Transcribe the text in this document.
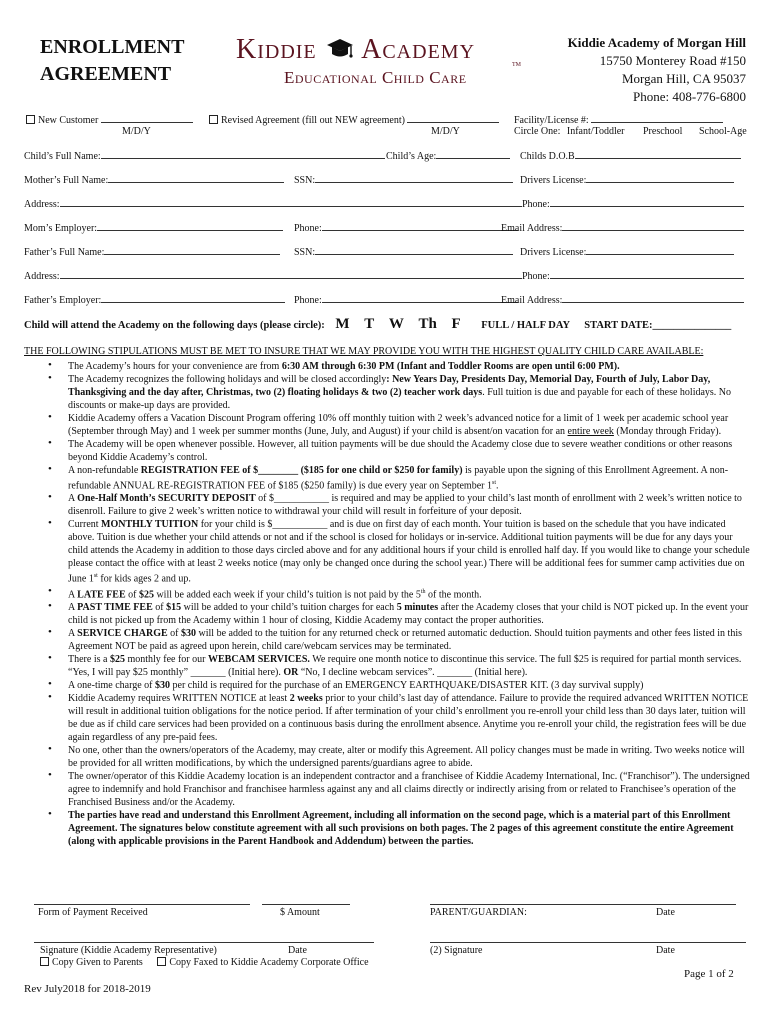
ENROLLMENT
AGREEMENT
Kiddie Academy
Educational Child Care
TM
Kiddie Academy of Morgan Hill
15750 Monterey Road #150
Morgan Hill, CA 95037
Phone: 408-776-6800
New Customer
M/D/Y
Revised Agreement (fill out NEW agreement)
M/D/Y
Facility/License #:
Circle One: Infant/Toddler Preschool School-Age
Child’s Full Name:	Child’s Age:	Childs D.O.B
Mother’s Full Name:	SSN:	Drivers License:
Address:	Phone:
Mom’s Employer:	Phone:	Email Address:
Father’s Full Name:	SSN:	Drivers License:
Address:	Phone:
Father’s Employer:	Phone:	Email Address:
Child will attend the Academy on the following days (please circle): M T W Th F FULL / HALF DAY START DATE:_______________
THE FOLLOWING STIPULATIONS MUST BE MET TO INSURE THAT WE MAY PROVIDE YOU WITH THE HIGHEST QUALITY CHILD CARE AVAILABLE:
• The Academy’s hours for your convenience are from 6:30 AM through 6:30 PM (Infant and Toddler Rooms are open until 6:00 PM).
• The Academy recognizes the following holidays and will be closed accordingly: New Years Day, Presidents Day, Memorial Day, Fourth of July, Labor Day, Thanksgiving and the day after, Christmas, two (2) floating holidays & two (2) teacher work days. Full tuition is due and payable for each of these holidays. No discounts or make-up days are provided.
• Kiddie Academy offers a Vacation Discount Program offering 10% off monthly tuition with 2 week’s advanced notice for a limit of 1 week per academic school year (September through May) and 1 week per summer months (June, July, and August) if your child is absent/on vacation for an entire week (Monday through Friday).
• The Academy will be open whenever possible. However, all tuition payments will be due should the Academy close due to severe weather conditions or other reasons beyond Kiddie Academy’s control.
• A non-refundable REGISTRATION FEE of $________ ($185 for one child or $250 for family) is payable upon the signing of this Enrollment Agreement. A non-refundable ANNUAL RE-REGISTRATION FEE of $185 ($250 family) is due every year on September 1st.
• A One-Half Month’s SECURITY DEPOSIT of $___________ is required and may be applied to your child’s last month of enrollment with 2 week’s written notice to disenroll. Failure to give 2 week’s written notice to withdrawal your child will result in forfeiture of your deposit.
• Current MONTHLY TUITION for your child is $___________ and is due on first day of each month. Your tuition is based on the schedule that you have indicated above. Tuition is due whether your child attends or not and if the school is closed for holidays or in-service. Additional tuition payments will be due for any days your child attends the Academy in addition to those days circled above and for any additional hours if your child is enrolled half day. If you would like to change your schedule please contact the office with at least 2 weeks notice (may only be changed once during the school year.) There will be additional fees for summer camp activities due on June 1st for kids ages 2 and up.
• A LATE FEE of $25 will be added each week if your child’s tuition is not paid by the 5th of the month.
• A PAST TIME FEE of $15 will be added to your child’s tuition charges for each 5 minutes after the Academy closes that your child is NOT picked up. In the event your child is not picked up from the Academy within 1 hour of closing, Kiddie Academy may contact the proper authorities.
• A SERVICE CHARGE of $30 will be added to the tuition for any returned check or returned automatic deduction. Should tuition payments and other fees listed in this Agreement NOT be paid as agreed upon herein, child care/webcam services may be terminated.
• There is a $25 monthly fee for our WEBCAM SERVICES. We require one month notice to discontinue this service. The full $25 is required for partial month services. “Yes, I will pay $25 monthly” _______ (Initial here). OR “No, I decline webcam services”. _______ (Initial here).
• A one-time charge of $30 per child is required for the purchase of an EMERGENCY EARTHQUAKE/DISASTER KIT. (3 day survival supply)
• Kiddie Academy requires WRITTEN NOTICE at least 2 weeks prior to your child’s last day of attendance. Failure to provide the required advanced WRITTEN NOTICE will result in additional tuition obligations for the notice period. If after termination of your child’s enrollment you re-enroll your child less than 30 days later, tuition will be due as if child care services had been provided on a continuous basis during the enrollment absence. Anytime you re-enroll your child, the registration fees will be due again regardless of any pre-paid fees.
• No one, other than the owners/operators of the Academy, may create, alter or modify this Agreement. All policy changes must be made in writing. Two weeks notice will be provided for all written modifications, by which the undersigned parents/guardians agree to abide.
• The owner/operator of this Kiddie Academy location is an independent contractor and a franchisee of Kiddie Academy International, Inc. (“Franchisor”). The undersigned agree to indemnify and hold Franchisor and franchisee harmless against any and all claims directly or indirectly arising from or related to Franchisee’s operation of the Franchised Business and/or the Academy.
• The parties have read and understand this Enrollment Agreement, including all information on the second page, which is a material part of this Enrollment Agreement. The signatures below constitute agreement with all such provisions on both pages. The 2 pages of this agreement constitute the entire Agreement (along with applicable provisions in the Parent Handbook and Addendum) between the parties.
Form of Payment Received	$ Amount	PARENT/GUARDIAN:	Date
Signature (Kiddie Academy Representative)	Date	(2) Signature	Date
Copy Given to Parents	Copy Faxed to Kiddie Academy Corporate Office
Page 1 of 2
Rev July2018 for 2018-2019
